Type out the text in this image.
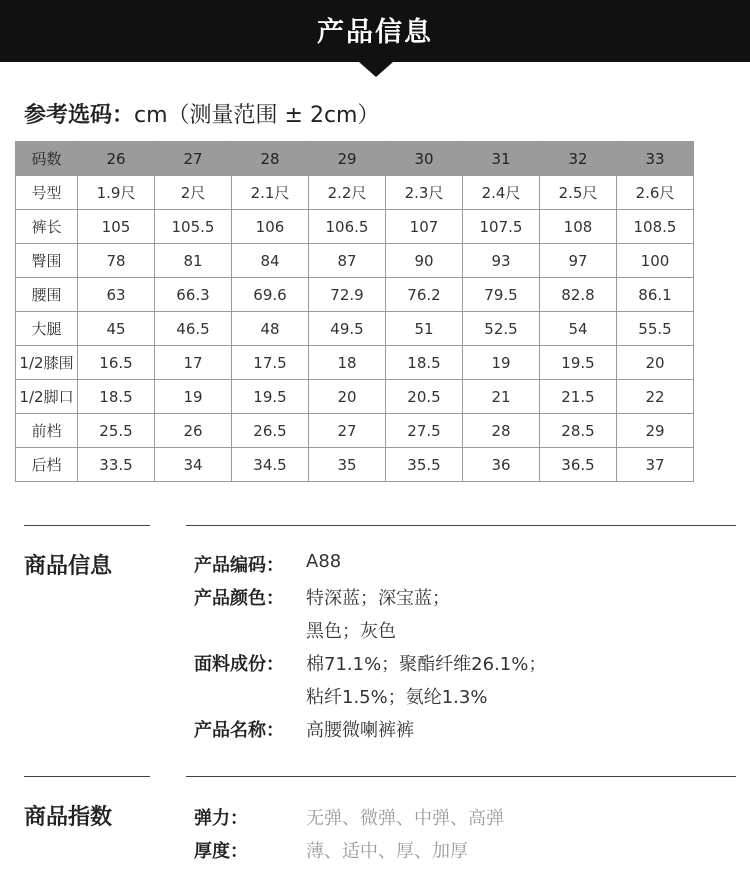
产品信息
参考选码：cm（测量范围 ± 2cm）
码数	26	27	28	29	30	31	32	33
号型	1.9尺	2尺	2.1尺	2.2尺	2.3尺	2.4尺	2.5尺	2.6尺
裤长	105	105.5	106	106.5	107	107.5	108	108.5
臀围	78	81	84	87	90	93	97	100
腰围	63	66.3	69.6	72.9	76.2	79.5	82.8	86.1
大腿	45	46.5	48	49.5	51	52.5	54	55.5
1/2膝围	16.5	17	17.5	18	18.5	19	19.5	20
1/2脚口	18.5	19	19.5	20	20.5	21	21.5	22
前档	25.5	26	26.5	27	27.5	28	28.5	29
后档	33.5	34	34.5	35	35.5	36	36.5	37
商品信息	产品编码：	A88
产品颜色：	特深蓝；深宝蓝；
黑色；灰色
面料成份：	棉71.1%；聚酯纤维26.1%；
粘纤1.5%；氨纶1.3%
产品名称：	高腰微喇裤裤
商品指数	弹力：	无弹、微弹、中弹、高弹
厚度：	薄、适中、厚、加厚
